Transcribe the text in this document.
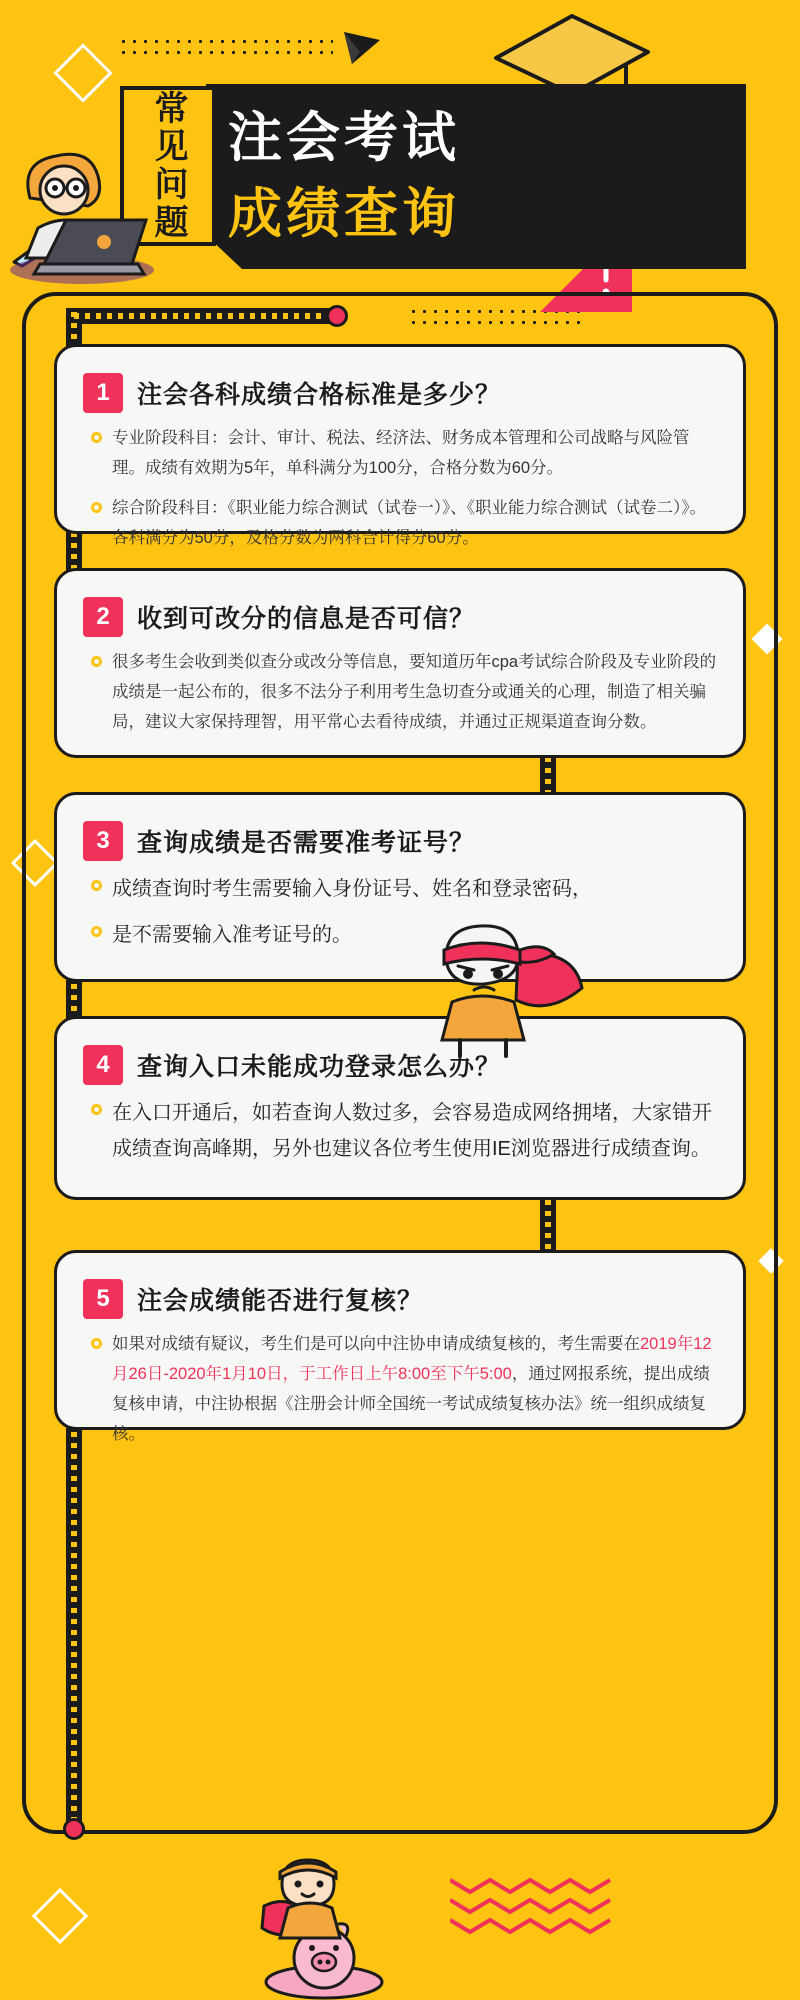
注会考试
成绩查询
常见问题
1	注会各科成绩合格标准是多少？
专业阶段科目：会计、审计、税法、经济法、财务成本管理和公司战略与风险管理。成绩有效期为5年，单科满分为100分，合格分数为60分。
综合阶段科目：《职业能力综合测试（试卷一）》、《职业能力综合测试（试卷二）》。各科满分为50分，及格分数为两科合计得分60分。
2	收到可改分的信息是否可信？
很多考生会收到类似查分或改分等信息，要知道历年cpa考试综合阶段及专业阶段的成绩是一起公布的，很多不法分子利用考生急切查分或通关的心理，制造了相关骗局，建议大家保持理智，用平常心去看待成绩，并通过正规渠道查询分数。
3	查询成绩是否需要准考证号？
成绩查询时考生需要输入身份证号、姓名和登录密码，
是不需要输入准考证号的。
4	查询入口未能成功登录怎么办？
在入口开通后，如若查询人数过多，会容易造成网络拥堵，大家错开成绩查询高峰期，另外也建议各位考生使用IE浏览器进行成绩查询。
5	注会成绩能否进行复核？
如果对成绩有疑议，考生们是可以向中注协申请成绩复核的，考生需要在2019年12月26日-2020年1月10日，于工作日上午8:00至下午5:00，通过网报系统，提出成绩复核申请，中注协根据《注册会计师全国统一考试成绩复核办法》统一组织成绩复核。
